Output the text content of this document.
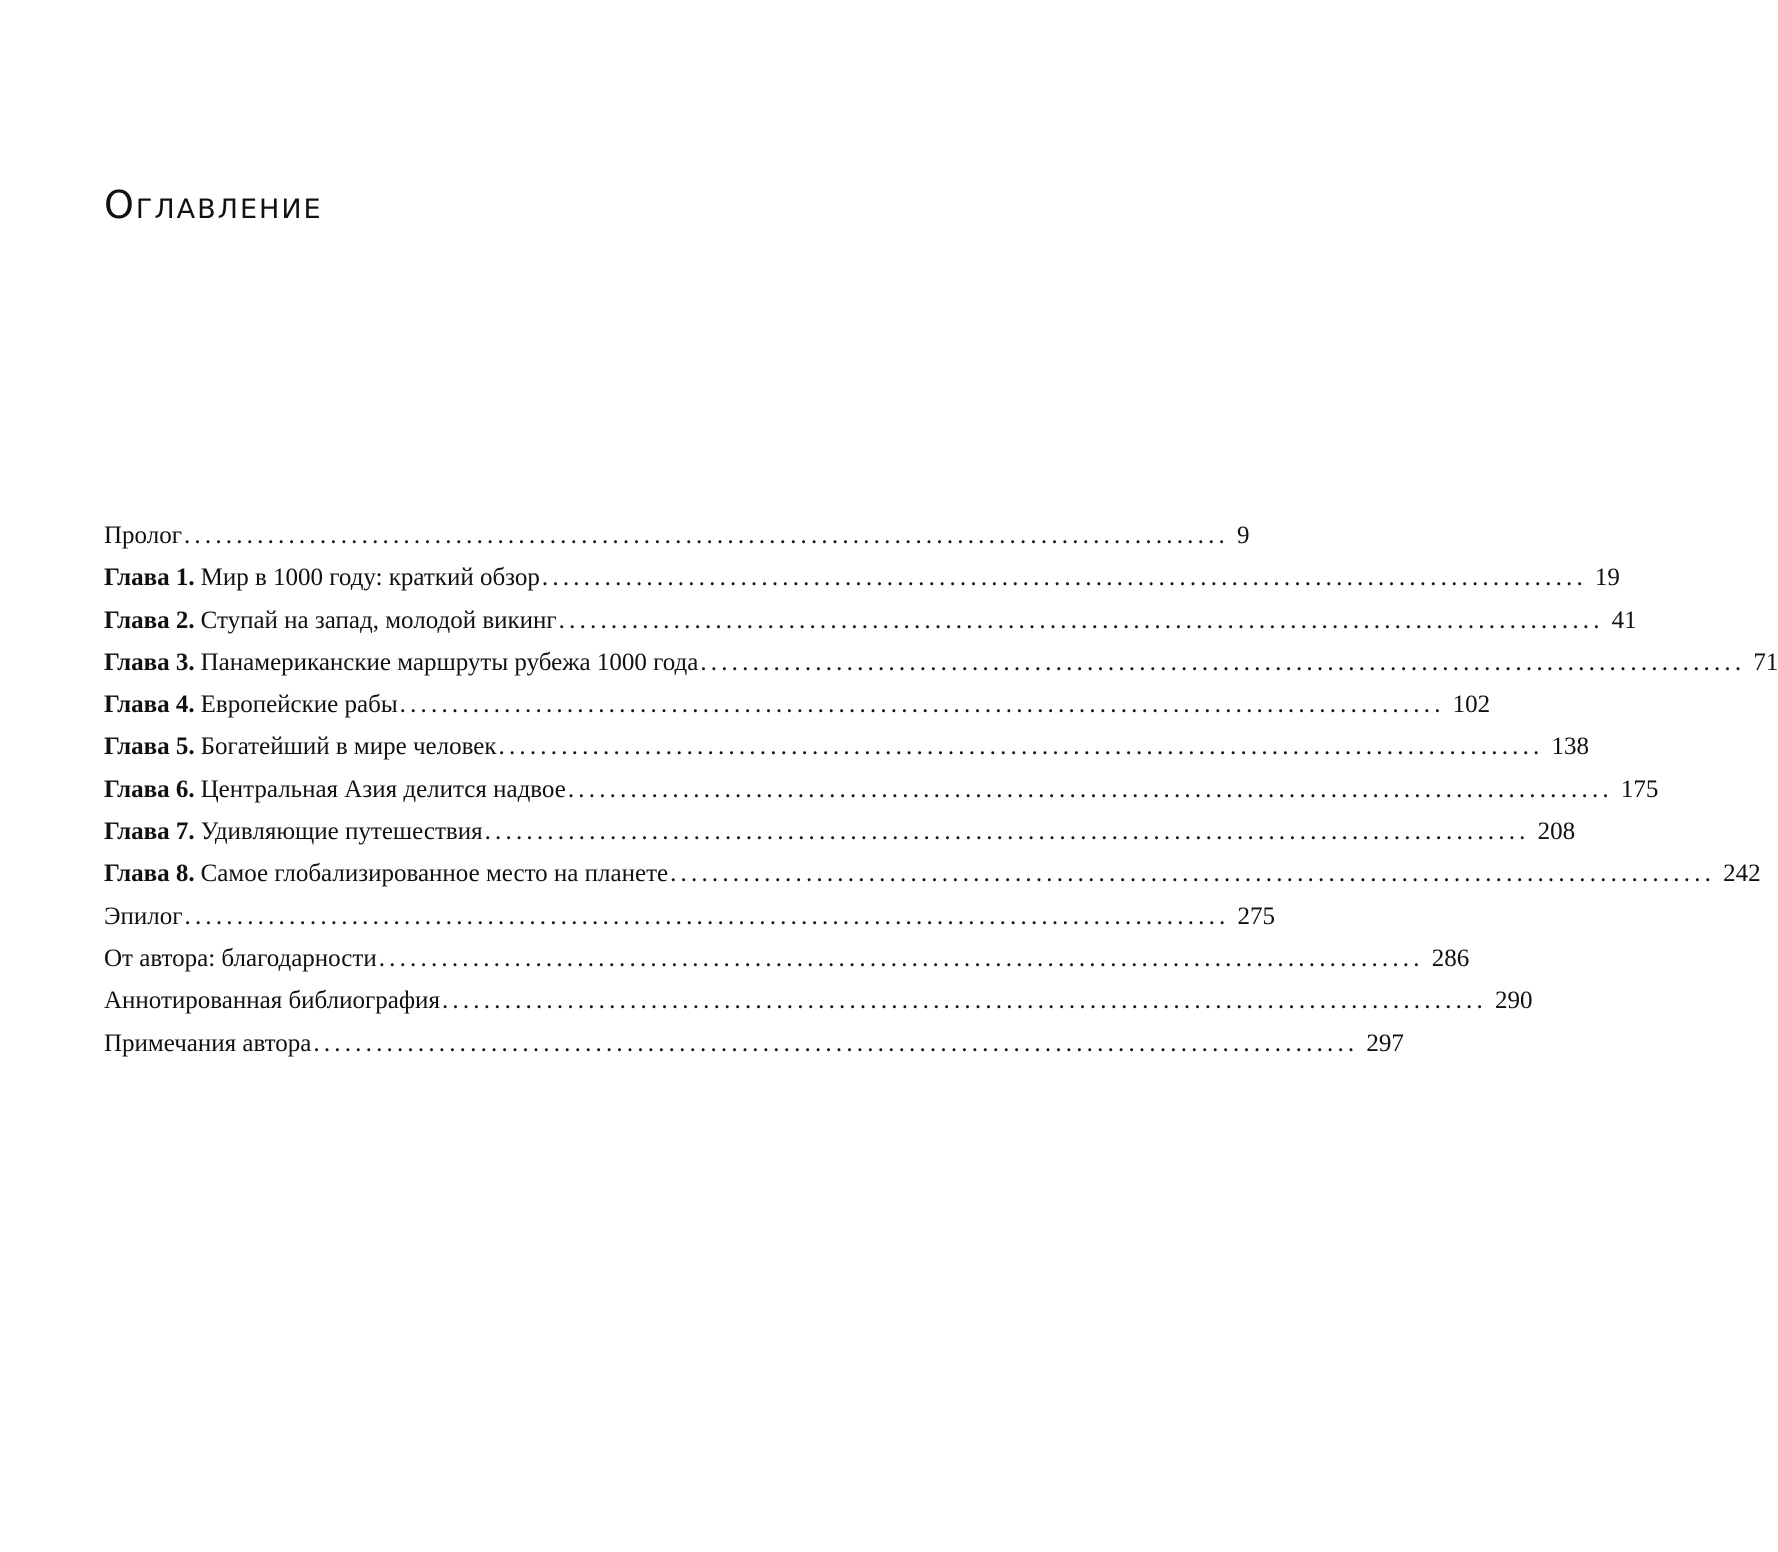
Оглавление
Пролог .................................................................................................... 9
Глава 1. Мир в 1000 году: краткий обзор .................................................................................................... 19
Глава 2. Ступай на запад, молодой викинг .................................................................................................... 41
Глава 3. Панамериканские маршруты рубежа 1000 года .................................................................................................... 71
Глава 4. Европейские рабы .................................................................................................... 102
Глава 5. Богатейший в мире человек .................................................................................................... 138
Глава 6. Центральная Азия делится надвое .................................................................................................... 175
Глава 7. Удивляющие путешествия .................................................................................................... 208
Глава 8. Самое глобализированное место на планете .................................................................................................... 242
Эпилог .................................................................................................... 275
От автора: благодарности .................................................................................................... 286
Аннотированная библиография .................................................................................................... 290
Примечания автора .................................................................................................... 297
